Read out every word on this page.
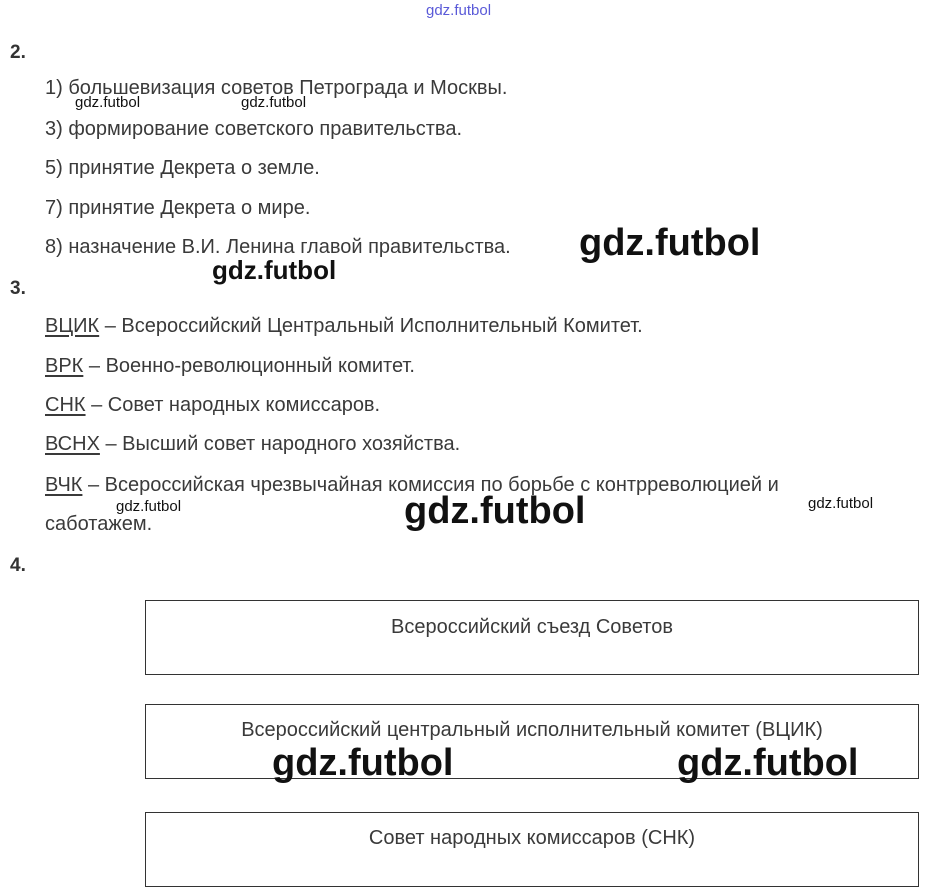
gdz.futbol
2.
1) большевизация советов Петрограда и Москвы.
3) формирование советского правительства.
5) принятие Декрета о земле.
7) принятие Декрета о мире.
8) назначение В.И. Ленина главой правительства.
3.
ВЦИК – Всероссийский Центральный Исполнительный Комитет.
ВРК – Военно-революционный комитет.
СНК – Совет народных комиссаров.
ВСНХ – Высший совет народного хозяйства.
ВЧК – Всероссийская чрезвычайная комиссия по борьбе с контрреволюцией и
саботажем.
4.
Всероссийский съезд Советов
Всероссийский центральный исполнительный комитет (ВЦИК)
Совет народных комиссаров (СНК)
gdz.futbol	gdz.futbol
gdz.futbol
gdz.futbol
gdz.futbol	gdz.futbol	gdz.futbol
gdz.futbol	gdz.futbol
